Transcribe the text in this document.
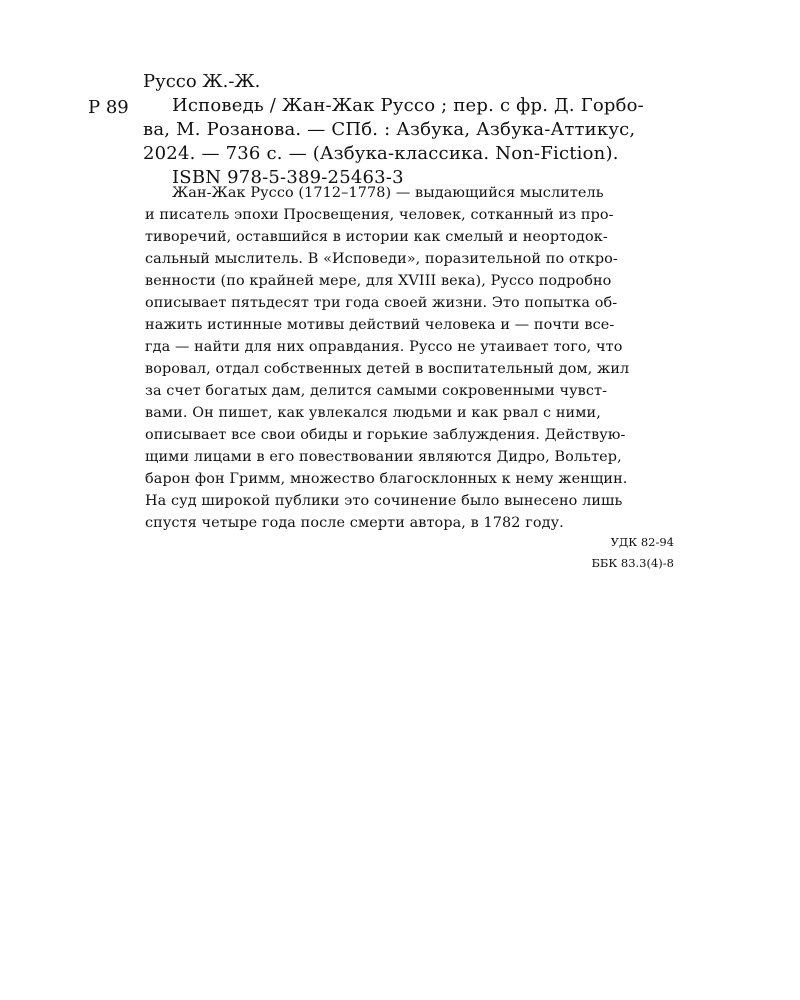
Руссо Ж.-Ж.
Р 89 Исповедь / Жан-Жак Руссо ; пер. с фр. Д. Горбо-
ва, М. Розанова. — СПб. : Азбука, Азбука-Аттикус,
2024. — 736 с. — (Азбука-классика. Non-Fiction).
ISBN 978-5-389-25463-3
Жан-Жак Руссо (1712–1778) — выдающийся мыслитель
и писатель эпохи Просвещения, человек, сотканный из про-
тиворечий, оставшийся в истории как смелый и неортодок-
сальный мыслитель. В «Исповеди», поразительной по откро-
венности (по крайней мере, для XVIII века), Руссо подробно
описывает пятьдесят три года своей жизни. Это попытка об-
нажить истинные мотивы действий человека и — почти все-
гда — найти для них оправдания. Руссо не утаивает того, что
воровал, отдал собственных детей в воспитательный дом, жил
за счет богатых дам, делится самыми сокровенными чувст-
вами. Он пишет, как увлекался людьми и как рвал с ними,
описывает все свои обиды и горькие заблуждения. Действую-
щими лицами в его повествовании являются Дидро, Вольтер,
барон фон Гримм, множество благосклонных к нему женщин.
На суд широкой публики это сочинение было вынесено лишь
спустя четыре года после смерти автора, в 1782 году.
УДК 82-94
ББК 83.3(4)-8
